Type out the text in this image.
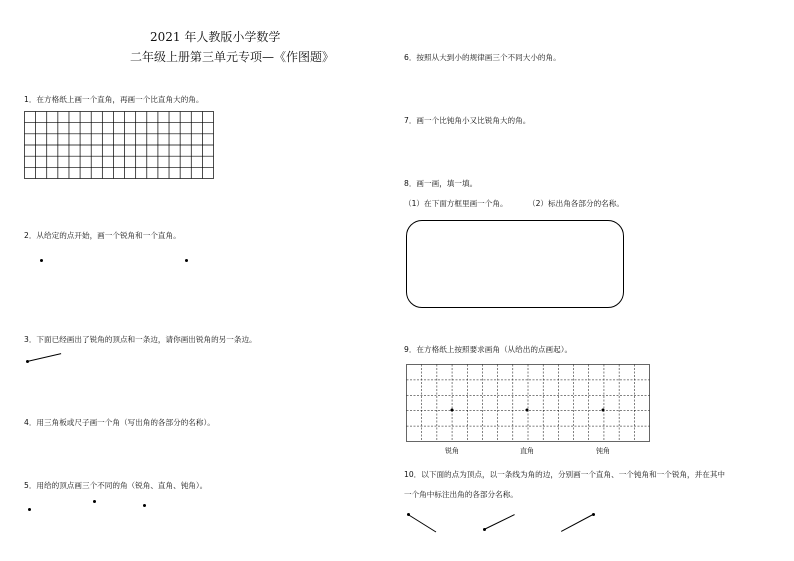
2021 年人教版小学数学
二年级上册第三单元专项—《作图题》
1．在方格纸上画一个直角，再画一个比直角大的角。
2．从给定的点开始，画一个锐角和一个直角。
3．下面已经画出了锐角的顶点和一条边，请你画出锐角的另一条边。
4．用三角板或尺子画一个角（写出角的各部分的名称）。
5．用给的顶点画三个不同的角（锐角、直角、钝角）。
6．按照从大到小的规律画三个不同大小的角。
7．画一个比钝角小又比锐角大的角。
8．画一画，填一填。
（1）在下面方框里画一个角。	（2）标出角各部分的名称。
9．在方格纸上按照要求画角（从给出的点画起）。
锐角	直角	钝角
10．以下面的点为顶点，以一条线为角的边，分别画一个直角、一个钝角和一个锐角，并在其中
一个角中标注出角的各部分名称。
